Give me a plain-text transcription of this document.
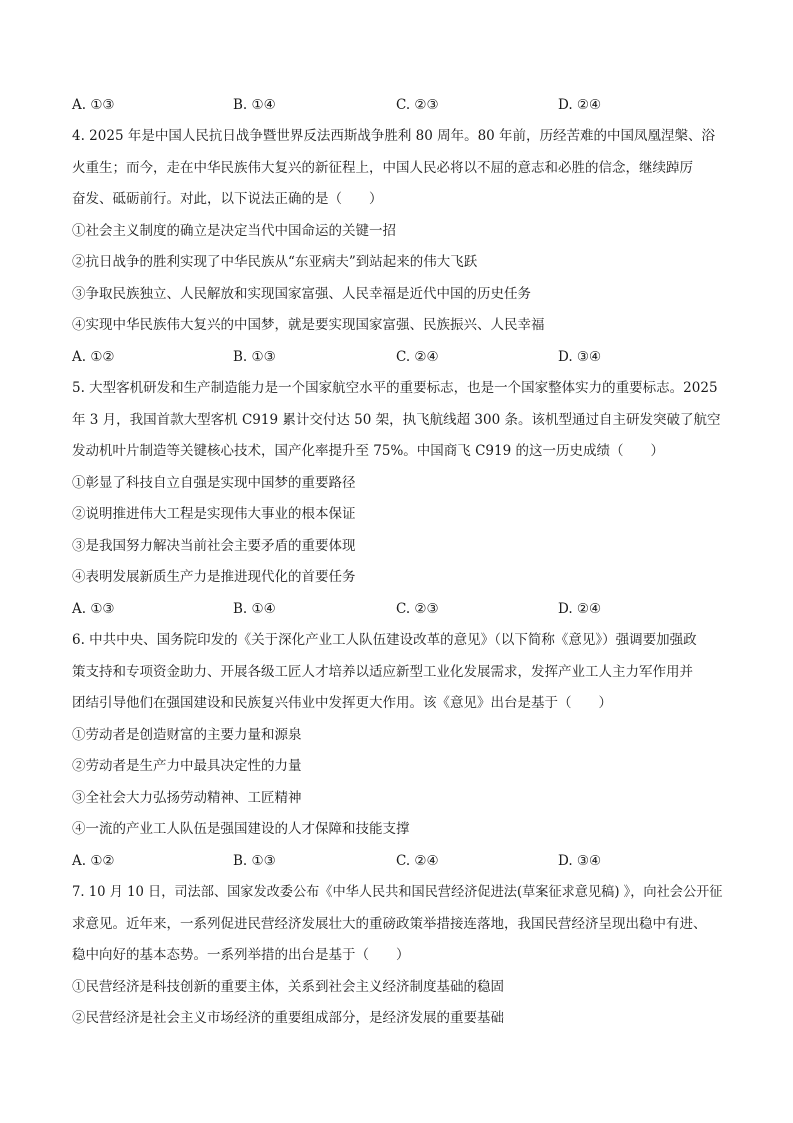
A. ①③	B. ①④	C. ②③	D. ②④
4. 2025 年是中国人民抗日战争暨世界反法西斯战争胜利 80 周年。80 年前，历经苦难的中国凤凰涅槃、浴
火重生；而今，走在中华民族伟大复兴的新征程上，中国人民必将以不屈的意志和必胜的信念，继续踔厉
奋发、砥砺前行。对此，以下说法正确的是（　　）
①社会主义制度的确立是决定当代中国命运的关键一招
②抗日战争的胜利实现了中华民族从“东亚病夫”到站起来的伟大飞跃
③争取民族独立、人民解放和实现国家富强、人民幸福是近代中国的历史任务
④实现中华民族伟大复兴的中国梦，就是要实现国家富强、民族振兴、人民幸福
A. ①②	B. ①③	C. ②④	D. ③④
5. 大型客机研发和生产制造能力是一个国家航空水平的重要标志，也是一个国家整体实力的重要标志。2025
年 3 月，我国首款大型客机 C919 累计交付达 50 架，执飞航线超 300 条。该机型通过自主研发突破了航空
发动机叶片制造等关键核心技术，国产化率提升至 75%。中国商飞 C919 的这一历史成绩（　　）
①彰显了科技自立自强是实现中国梦的重要路径
②说明推进伟大工程是实现伟大事业的根本保证
③是我国努力解决当前社会主要矛盾的重要体现
④表明发展新质生产力是推进现代化的首要任务
A. ①③	B. ①④	C. ②③	D. ②④
6. 中共中央、国务院印发的《关于深化产业工人队伍建设改革的意见》（以下简称《意见》）强调要加强政
策支持和专项资金助力、开展各级工匠人才培养以适应新型工业化发展需求，发挥产业工人主力军作用并
团结引导他们在强国建设和民族复兴伟业中发挥更大作用。该《意见》出台是基于（　　）
①劳动者是创造财富的主要力量和源泉
②劳动者是生产力中最具决定性的力量
③全社会大力弘扬劳动精神、工匠精神
④一流的产业工人队伍是强国建设的人才保障和技能支撑
A. ①②	B. ①③	C. ②④	D. ③④
7. 10 月 10 日，司法部、国家发改委公布《中华人民共和国民营经济促进法(草案征求意见稿) 》，向社会公开征
求意见。近年来，一系列促进民营经济发展壮大的重磅政策举措接连落地，我国民营经济呈现出稳中有进、
稳中向好的基本态势。一系列举措的出台是基于（　　）
①民营经济是科技创新的重要主体，关系到社会主义经济制度基础的稳固
②民营经济是社会主义市场经济的重要组成部分，是经济发展的重要基础
